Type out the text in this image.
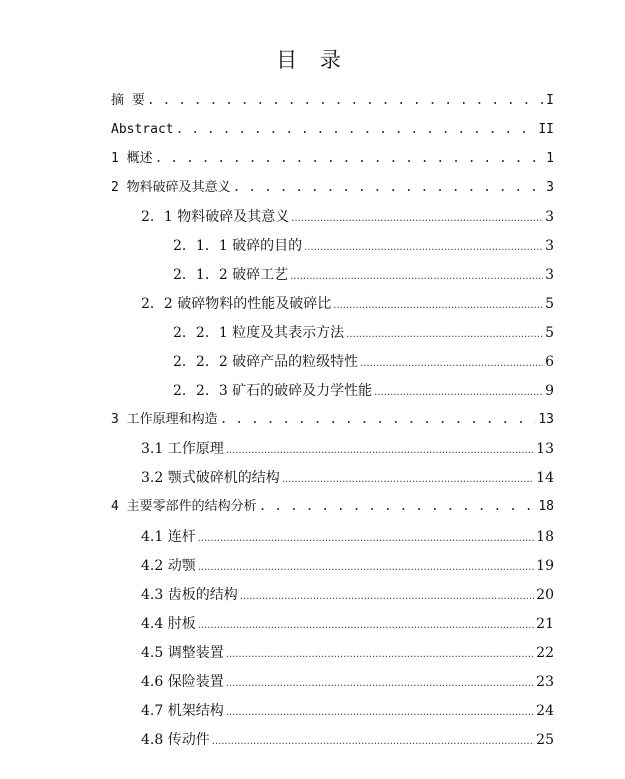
目 录
摘 要 . . .	I
Abstract . . .	II
1 概述 . . .	1
2 物料破碎及其意义 . . .	3
2．1 物料破碎及其意义 .....	3
2．1．1 破碎的目的 .....	3
2．1．2 破碎工艺 .....	3
2．2 破碎物料的性能及破碎比 .....	5
2．2．1 粒度及其表示方法 .....	5
2．2．2 破碎产品的粒级特性 .....	6
2．2．3 矿石的破碎及力学性能 .....	9
3 工作原理和构造 . . .	13
3.1 工作原理 .....	13
3.2 颚式破碎机的结构 .....	14
4 主要零部件的结构分析 . . .	18
4.1 连杆 .....	18
4.2 动颚 .....	19
4.3 齿板的结构 .....	20
4.4 肘板 .....	21
4.5 调整装置 .....	22
4.6 保险装置 .....	23
4.7 机架结构 .....	24
4.8 传动件 .....	25
